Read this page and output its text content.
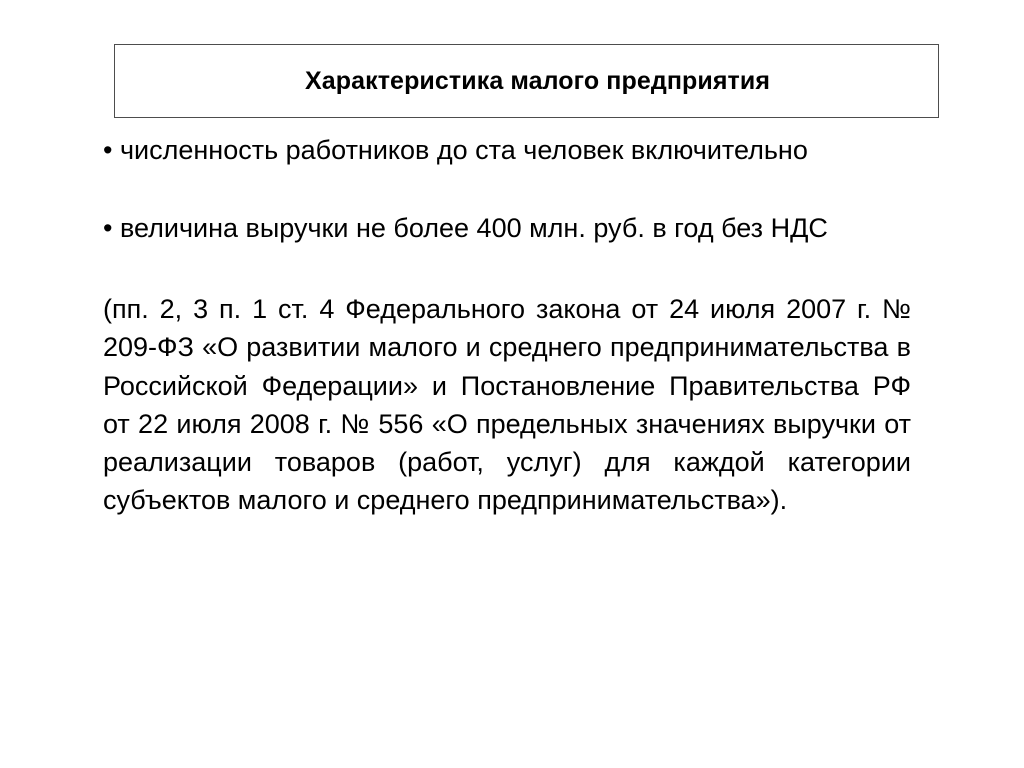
Характеристика малого предприятия

• численность работников до ста человек включительно

• величина выручки не более 400 млн. руб. в год без НДС

(пп. 2, 3 п. 1 ст. 4 Федерального закона от 24 июля 2007 г. № 209-ФЗ «О развитии малого и среднего предпринимательства в Российской Федерации» и Постановление Правительства РФ от 22 июля 2008 г. № 556 «О предельных значениях выручки от реализации товаров (работ, услуг) для каждой категории субъектов малого и среднего предпринимательства»).
